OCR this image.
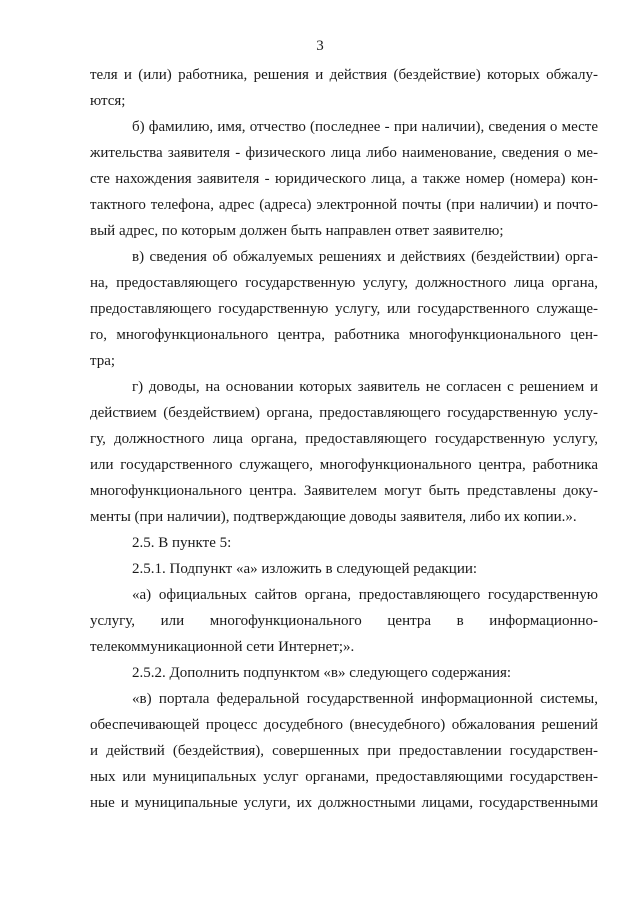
3
теля и (или) работника, решения и действия (бездействие) которых обжалу-
ются;
б) фамилию, имя, отчество (последнее - при наличии), сведения о месте
жительства заявителя - физического лица либо наименование, сведения о ме-
сте нахождения заявителя - юридического лица, а также номер (номера) кон-
тактного телефона, адрес (адреса) электронной почты (при наличии) и почто-
вый адрес, по которым должен быть направлен ответ заявителю;
в) сведения об обжалуемых решениях и действиях (бездействии) орга-
на, предоставляющего государственную услугу, должностного лица органа,
предоставляющего государственную услугу, или государственного служаще-
го, многофункционального центра, работника многофункционального цен-
тра;
г) доводы, на основании которых заявитель не согласен с решением и
действием (бездействием) органа, предоставляющего государственную услу-
гу, должностного лица органа, предоставляющего государственную услугу,
или государственного служащего, многофункционального центра, работника
многофункционального центра. Заявителем могут быть представлены доку-
менты (при наличии), подтверждающие доводы заявителя, либо их копии.».
2.5. В пункте 5:
2.5.1. Подпункт «а» изложить в следующей редакции:
«а) официальных сайтов органа, предоставляющего государственную
услугу, или многофункционального центра в информационно-
телекоммуникационной сети Интернет;».
2.5.2. Дополнить подпунктом «в» следующего содержания:
«в) портала федеральной государственной информационной системы,
обеспечивающей процесс досудебного (внесудебного) обжалования решений
и действий (бездействия), совершенных при предоставлении государствен-
ных или муниципальных услуг органами, предоставляющими государствен-
ные и муниципальные услуги, их должностными лицами, государственными
